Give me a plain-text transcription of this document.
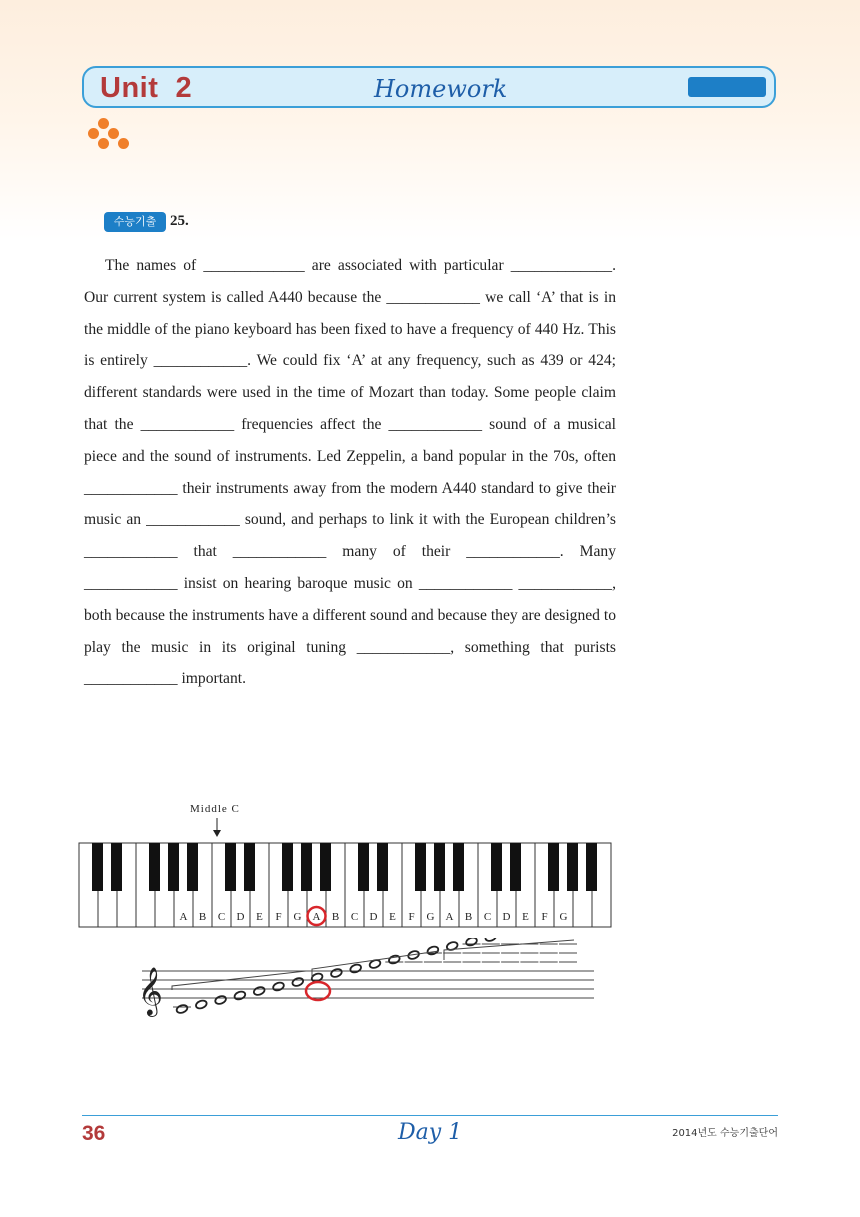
Unit  2	Homework
수능기출 25.

The names of _____________ are associated with particular _____________. Our current system is called A440 because the ____________ we call ‘A’ that is in the middle of the piano keyboard has been fixed to have a frequency of 440 Hz. This is entirely ____________. We could fix ‘A’ at any frequency, such as 439 or 424; different standards were used in the time of Mozart than today. Some people claim that the ____________ frequencies affect the ____________ sound of a musical piece and the sound of instruments. Led Zeppelin, a band popular in the 70s, often ____________ their instruments away from the modern A440 standard to give their music an ____________ sound, and perhaps to link it with the European children’s ____________ that ____________ many of their ____________. Many ____________ insist on hearing baroque music on ____________ ____________, both because the instruments have a different sound and because they are designed to play the music in its original tuning ____________, something that purists ____________ important.

Middle C
A B C D E F G A B C D E F G A B C D E F G
𝄞
36	Day 1	2014년도 수능기출단어
